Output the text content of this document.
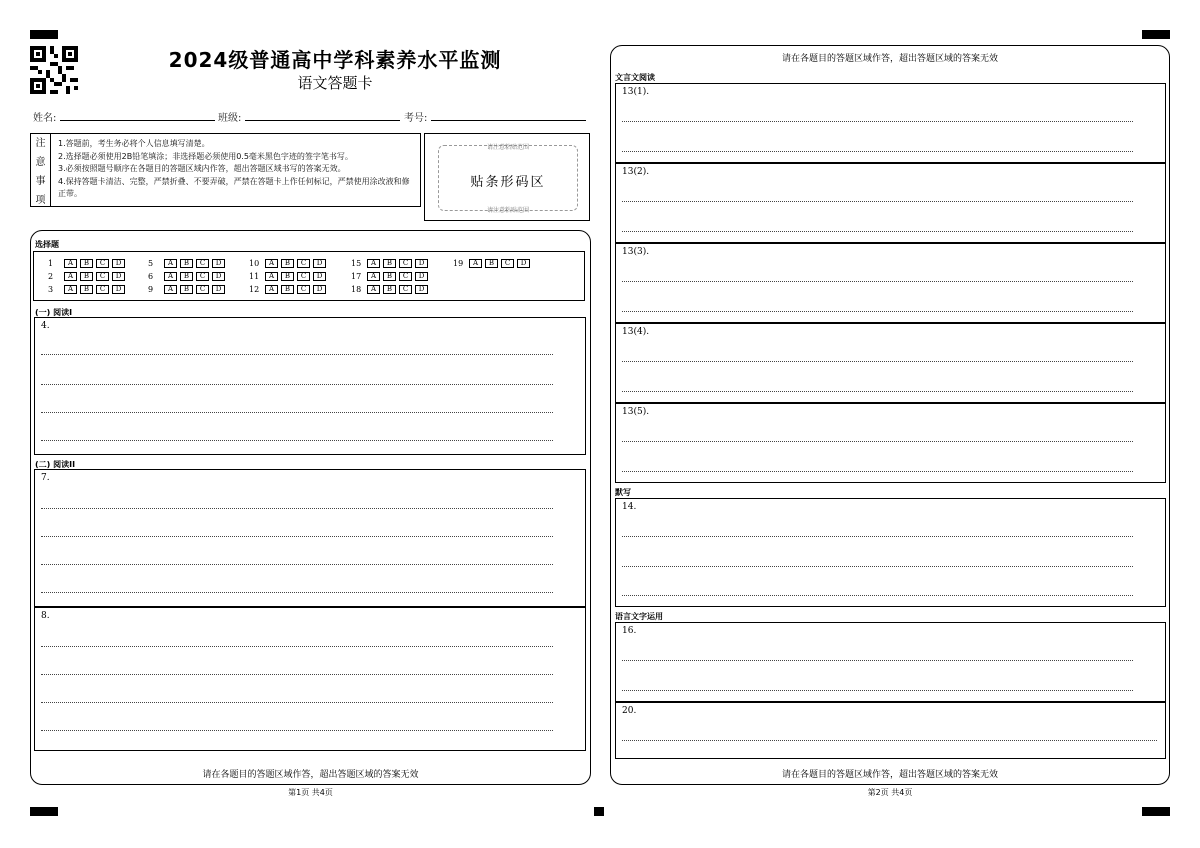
2024级普通高中学科素养水平监测
语文答题卡
姓名:	班级:	考号:
注
意
事
项
1.答题前，考生务必将个人信息填写清楚。
2.选择题必须使用2B铅笔填涂；非选择题必须使用0.5毫米黑色字迹的签字笔书写。
3.必须按照题号顺序在各题目的答题区域内作答，超出答题区域书写的答案无效。
4.保持答题卡清洁、完整，严禁折叠、不要弄破，严禁在答题卡上作任何标记，严禁使用涂改液和修正带。
请注意粘贴范围
贴条形码区
请注意粘贴范围
选择题
1	A	B	C	D
2	A	B	C	D
3	A	B	C	D
5	A	B	C	D
6	A	B	C	D
9	A	B	C	D
10	A	B	C	D
11	A	B	C	D
12	A	B	C	D
15	A	B	C	D
17	A	B	C	D
18	A	B	C	D
19	A	B	C	D
(一) 阅读I
4.
(二) 阅读II
7.
8.
请在各题目的答题区域作答，超出答题区域的答案无效
第1页 共4页
请在各题目的答题区域作答，超出答题区域的答案无效
文言文阅读
13(1).
13(2).
13(3).
13(4).
13(5).
默写
14.
语言文字运用
16.
20.
请在各题目的答题区域作答，超出答题区域的答案无效
第2页 共4页
